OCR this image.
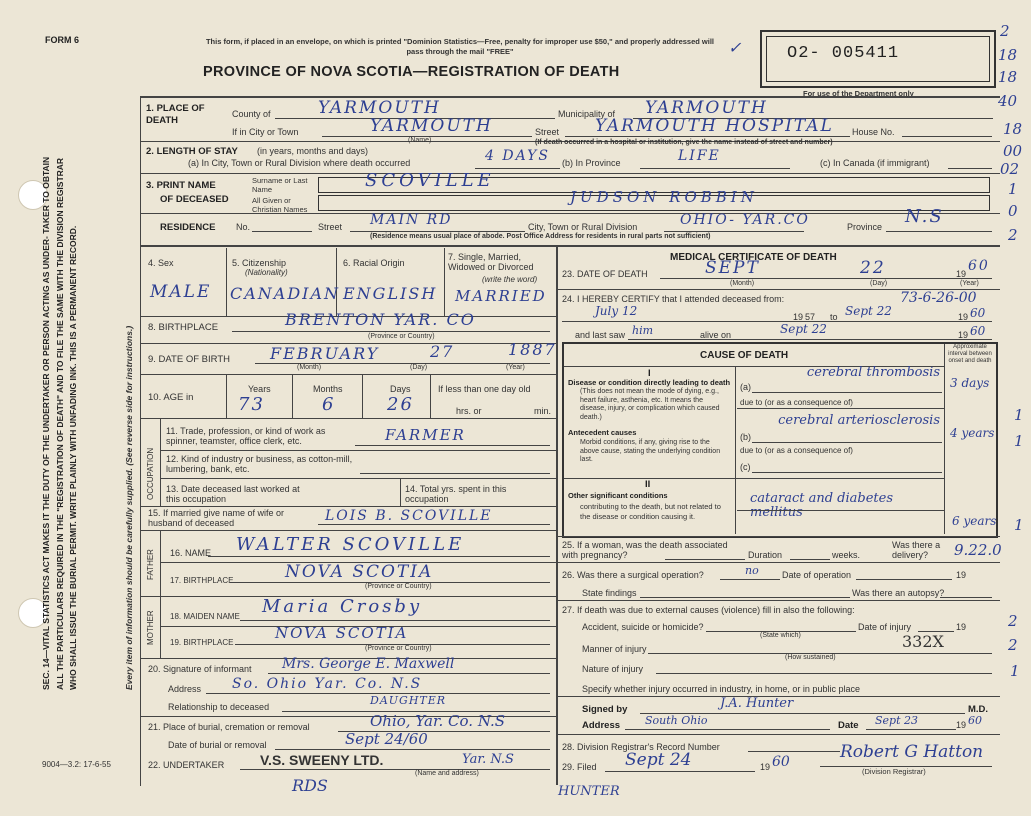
SEC. 14—VITAL STATISTICS ACT MAKES IT THE DUTY OF THE UNDERTAKER OR PERSON ACTING AS UNDER- TAKER TO OBTAIN ALL THE PARTICULARS REQUIRED IN THE "REGISTRATION OF DEATH" AND TO FILE THE SAME WITH THE DIVISION REGISTRAR WHO SHALL ISSUE THE BURIAL PERMIT. WRITE PLAINLY WITH UNFADING INK. THIS IS A PERMANENT RECORD.	Every item of information should be carefully supplied. (See reverse side for instructions.)
9004—3.2: 17-6-55
FORM 6	This form, if placed in an envelope, on which is printed "Dominion Statistics—Free, penalty for improper use $50," and properly addressed will pass through the mail "FREE"
PROVINCE OF NOVA SCOTIA—REGISTRATION OF DEATH
✓	O2- 005411
For use of the Department only
2
18
18
40
18
00
02
1
0
2
1
1
1
2
2
1
1. PLACE OF DEATH
County of	YARMOUTH	Municipality of YARMOUTH
If in City or Town	YARMOUTH
(Name)
Street YARMOUTH HOSPITAL House No.
(If death occurred in a hospital or institution, give the name instead of street and number)
2. LENGTH OF STAY (in years, months and days)
(a) In City, Town or Rural Division where death occurred	4 DAYS (b) In Province	LIFE	(c) In Canada (if immigrant)
3. PRINT NAME
OF DECEASED
Surname or Last Name	SCOVILLE
All Given or Christian Names
JUDSON ROBBIN
RESIDENCE No.	Street MAIN RD	City, Town or Rural Division	OHIO- YAR.CO	Province N.S
(Residence means usual place of abode. Post Office Address for residents in rural parts not sufficient)
4. Sex
MALE
5. Citizenship
(Nationality)
CANADIAN
6. Racial Origin
ENGLISH
7. Single, Married, Widowed or Divorced
(write the word)
MARRIED
8. BIRTHPLACE	BRENTON YAR. CO
(Province or Country)
9. DATE OF BIRTH	FEBRUARY	27	1887
(Month)	(Day)	(Year)
10. AGE in
Years	Months	Days
73	6	26
If less than one day old
hrs. or	min.
OCCUPATION
11. Trade, profession, or kind of work as spinner, teamster, office clerk, etc.	FARMER
12. Kind of industry or business, as cotton-mill, lumbering, bank, etc.
13. Date deceased last worked at this occupation
14. Total yrs. spent in this occupation
15. If married give name of wife or husband of deceased	LOIS B. SCOVILLE
FATHER 16. NAME WALTER SCOVILLE
17. BIRTHPLACE	NOVA SCOTIA
(Province or Country)
MOTHER 18. MAIDEN NAME Maria Crosby
19. BIRTHPLACE
NOVA SCOTIA
(Province or Country)
20. Signature of informant Mrs. George E. Maxwell
Address So. Ohio Yar. Co. N.S
Relationship to deceased	DAUGHTER
21. Place of burial, cremation or removal	Ohio, Yar. Co. N.S
Date of burial or removal	Sept 24/60
22. UNDERTAKER	V.S. SWEENY LTD.	Yar. N.S
(Name and address)
RDS	HUNTER
MEDICAL CERTIFICATE OF DEATH
23. DATE OF DEATH	SEPT	22	19 60
(Month)	(Day)	(Year)
24. I HEREBY CERTIFY that I attended deceased from:	73-6-26-00
July 12	19 57 to Sept 22	19 60
and last saw him	alive on	Sept 22	19 60
CAUSE OF DEATH
Approximate interval between onset and death
I
Disease or condition directly leading to death
(This does not mean the mode of dying, e.g., heart failure, asthenia, etc. It means the disease, injury, or complication which caused death.)
(a)
cerebral thrombosis
3 days
due to (or as a consequence of)
Antecedent causes
Morbid conditions, if any, giving rise to the above cause, stating the underlying condition last.
(b)
cerebral arteriosclerosis
4 years
due to (or as a consequence of)
(c)
II
Other significant conditions
contributing to the death, but not related to the disease or condition causing it.
cataract and diabetes mellitus
6 years
25. If a woman, was the death associated with pregnancy?	Duration	weeks.
Was there a delivery?	9.22.0
26. Was there a surgical operation?	no	Date of operation	19
State findings	Was there an autopsy?
27. If death was due to external causes (violence) fill in also the following:
Accident, suicide or homicide?
(State which)
Date of injury	19
Manner of injury	332X
(How sustained)
Nature of injury
Specify whether injury occurred in industry, in home, or in public place
Signed by	J.A. Hunter	M.D.
Address South Ohio	Date Sept 23	19 60
28. Division Registrar's Record Number
29. Filed Sept 24	19 60	Robert G Hatton
(Division Registrar)
